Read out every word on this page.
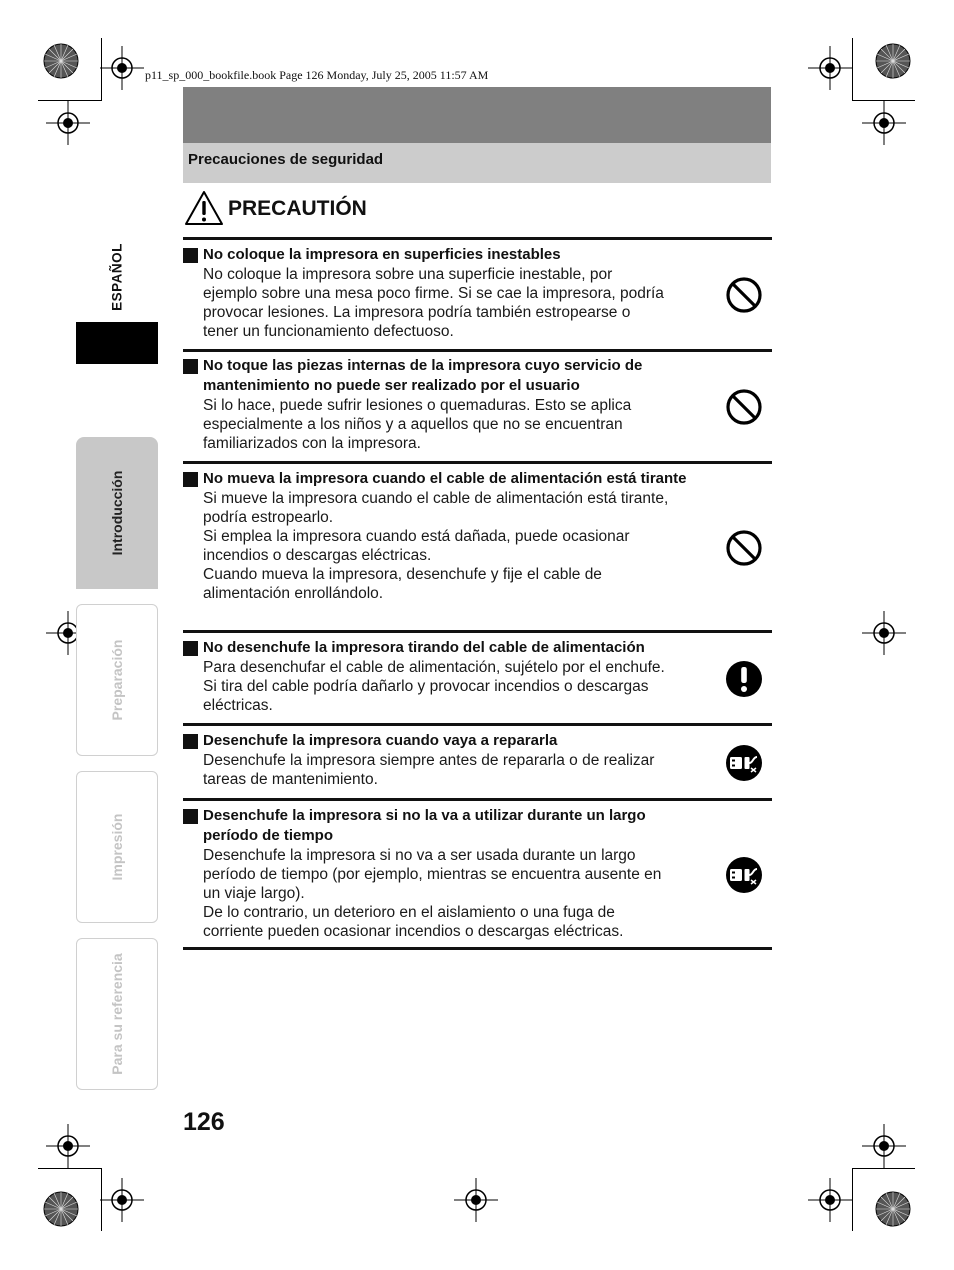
p11_sp_000_bookfile.book Page 126 Monday, July 25, 2005 11:57 AM
Precauciones de seguridad
PRECAUTIÓN
No coloque la impresora en superficies inestables
No coloque la impresora sobre una superficie inestable, por
ejemplo sobre una mesa poco firme. Si se cae la impresora, podría
provocar lesiones. La impresora podría también estropearse o
tener un funcionamiento defectuoso.
No toque las piezas internas de la impresora cuyo servicio de mantenimiento no puede ser realizado por el usuario
Si lo hace, puede sufrir lesiones o quemaduras. Esto se aplica
especialmente a los niños y a aquellos que no se encuentran
familiarizados con la impresora.
No mueva la impresora cuando el cable de alimentación está tirante
Si mueve la impresora cuando el cable de alimentación está tirante,
podría estropearlo.
Si emplea la impresora cuando está dañada, puede ocasionar
incendios o descargas eléctricas.
Cuando mueva la impresora, desenchufe y fije el cable de
alimentación enrollándolo.
No desenchufe la impresora tirando del cable de alimentación
Para desenchufar el cable de alimentación, sujételo por el enchufe.
Si tira del cable podría dañarlo y provocar incendios o descargas
eléctricas.
Desenchufe la impresora cuando vaya a repararla
Desenchufe la impresora siempre antes de repararla o de realizar
tareas de mantenimiento.
Desenchufe la impresora si no la va a utilizar durante un largo período de tiempo
Desenchufe la impresora si no va a ser usada durante un largo
período de tiempo (por ejemplo, mientras se encuentra ausente en
un viaje largo).
De lo contrario, un deterioro en el aislamiento o una fuga de
corriente pueden ocasionar incendios o descargas eléctricas.
ESPAÑOL
Introducción
Preparación
Impresión
Para su referencia
126
